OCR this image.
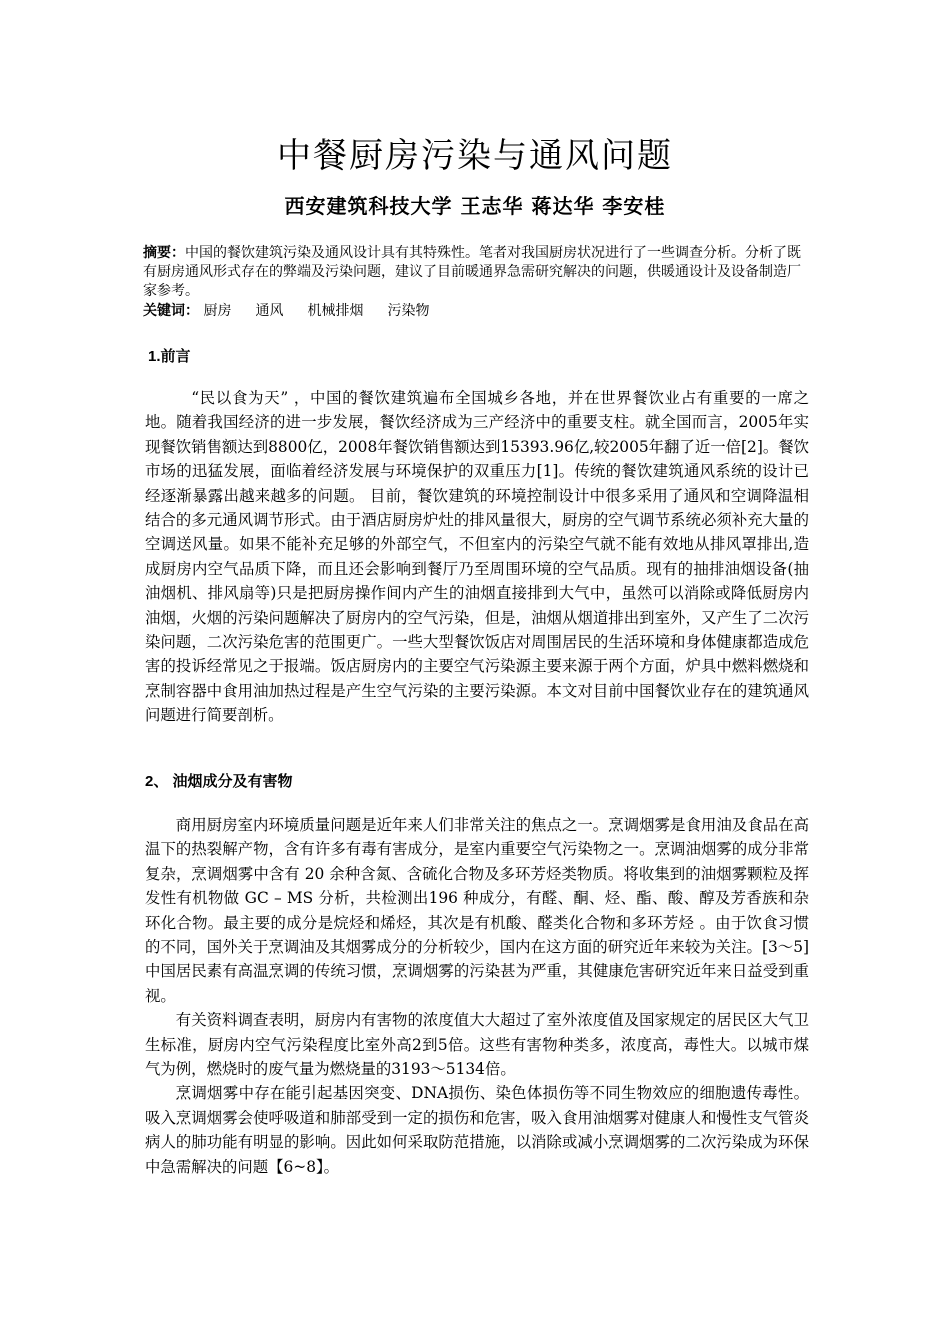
中餐厨房污染与通风问题
西安建筑科技大学 王志华 蒋达华 李安桂
摘要：中国的餐饮建筑污染及通风设计具有其特殊性。笔者对我国厨房状况进行了一些调查分析。分析了既有厨房通风形式存在的弊端及污染问题，建议了目前暖通界急需研究解决的问题，供暖通设计及设备制造厂家参考。
关键词： 厨房 通风 机械排烟 污染物
1.前言

“民以食为天” ，中国的餐饮建筑遍布全国城乡各地，并在世界餐饮业占有重要的一席之地。随着我国经济的进一步发展，餐饮经济成为三产经济中的重要支柱。就全国而言，2005年实现餐饮销售额达到8800亿，2008年餐饮销售额达到15393.96亿,较2005年翻了近一倍[2]。餐饮市场的迅猛发展，面临着经济发展与环境保护的双重压力[1]。传统的餐饮建筑通风系统的设计已经逐渐暴露出越来越多的问题。 目前，餐饮建筑的环境控制设计中很多采用了通风和空调降温相结合的多元通风调节形式。由于酒店厨房炉灶的排风量很大，厨房的空气调节系统必须补充大量的空调送风量。如果不能补充足够的外部空气，不但室内的污染空气就不能有效地从排风罩排出,造成厨房内空气品质下降，而且还会影响到餐厅乃至周围环境的空气品质。现有的抽排油烟设备(抽油烟机、排风扇等)只是把厨房操作间内产生的油烟直接排到大气中，虽然可以消除或降低厨房内油烟，火烟的污染问题解决了厨房内的空气污染，但是，油烟从烟道排出到室外，又产生了二次污染问题，二次污染危害的范围更广。一些大型餐饮饭店对周围居民的生活环境和身体健康都造成危害的投诉经常见之于报端。饭店厨房内的主要空气污染源主要来源于两个方面，炉具中燃料燃烧和烹制容器中食用油加热过程是产生空气污染的主要污染源。本文对目前中国餐饮业存在的建筑通风问题进行简要剖析。

2、 油烟成分及有害物

商用厨房室内环境质量问题是近年来人们非常关注的焦点之一。烹调烟雾是食用油及食品在高温下的热裂解产物，含有许多有毒有害成分，是室内重要空气污染物之一。烹调油烟雾的成分非常复杂，烹调烟雾中含有 20 余种含氮、含硫化合物及多环芳烃类物质。将收集到的油烟雾颗粒及挥发性有机物做 GC – MS 分析，共检测出196 种成分，有醛、酮、烃、酯、酸、醇及芳香族和杂环化合物。最主要的成分是烷烃和烯烃，其次是有机酸、醛类化合物和多环芳烃 。由于饮食习惯的不同，国外关于烹调油及其烟雾成分的分析较少，国内在这方面的研究近年来较为关注。[3～5]中国居民素有高温烹调的传统习惯，烹调烟雾的污染甚为严重，其健康危害研究近年来日益受到重视。

有关资料调查表明，厨房内有害物的浓度值大大超过了室外浓度值及国家规定的居民区大气卫生标准，厨房内空气污染程度比室外高2到5倍。这些有害物种类多，浓度高，毒性大。以城市煤气为例，燃烧时的废气量为燃烧量的3193～5134倍。

烹调烟雾中存在能引起基因突变、DNA损伤、染色体损伤等不同生物效应的细胞遗传毒性。吸入烹调烟雾会使呼吸道和肺部受到一定的损伤和危害，吸入食用油烟雾对健康人和慢性支气管炎病人的肺功能有明显的影响。因此如何采取防范措施，以消除或减小烹调烟雾的二次污染成为环保中急需解决的问题【6~8】。
